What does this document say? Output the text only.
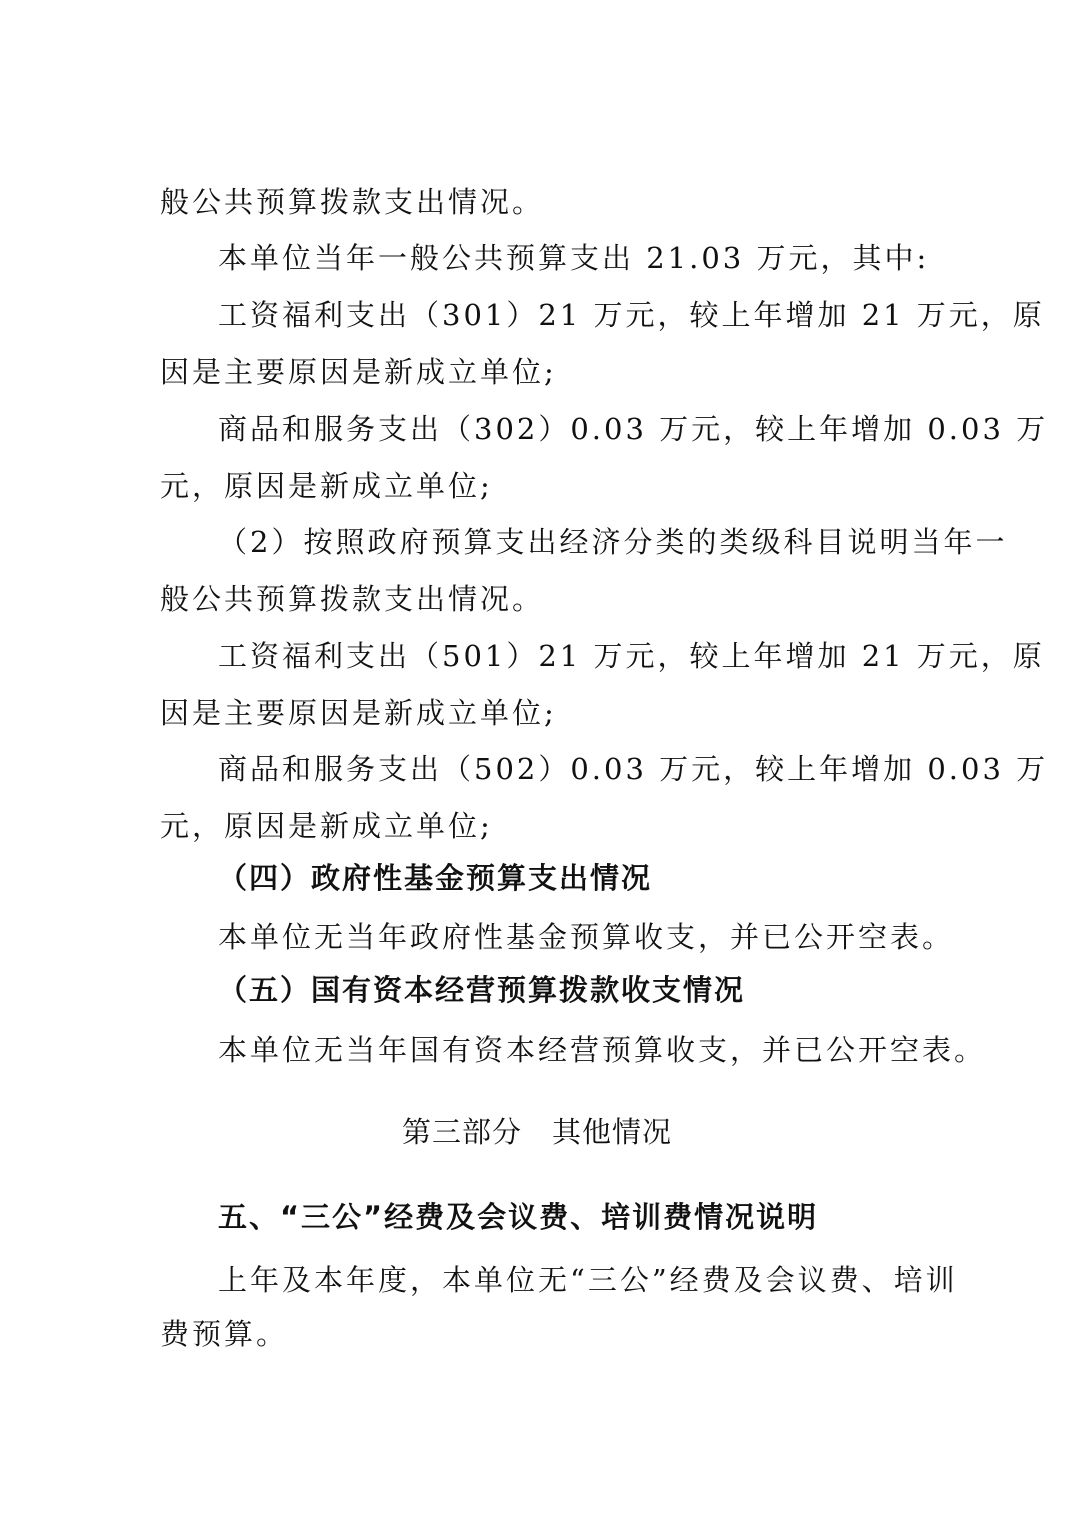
般公共预算拨款支出情况。
本单位当年一般公共预算支出 21.03 万元，其中:
工资福利支出（301）21 万元，较上年增加 21 万元，原
因是主要原因是新成立单位;
商品和服务支出（302）0.03 万元，较上年增加 0.03 万
元，原因是新成立单位;
（2）按照政府预算支出经济分类的类级科目说明当年一
般公共预算拨款支出情况。
工资福利支出（501）21 万元，较上年增加 21 万元，原
因是主要原因是新成立单位;
商品和服务支出（502）0.03 万元，较上年增加 0.03 万
元，原因是新成立单位;
（四）政府性基金预算支出情况
本单位无当年政府性基金预算收支，并已公开空表。
（五）国有资本经营预算拨款收支情况
本单位无当年国有资本经营预算收支，并已公开空表。
第三部分　其他情况
五、“三公”经费及会议费、培训费情况说明
上年及本年度，本单位无“三公”经费及会议费、培训
费预算。
